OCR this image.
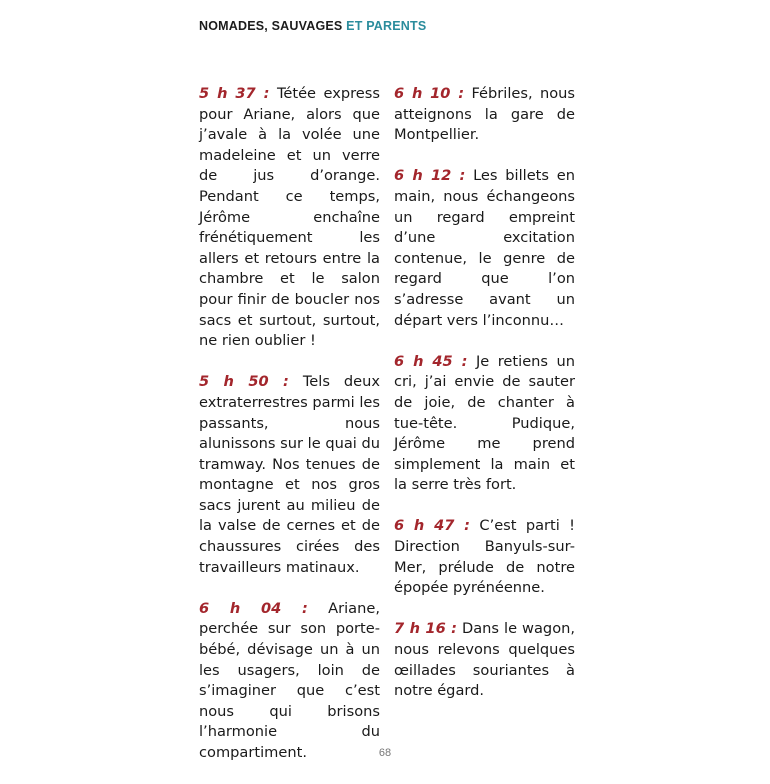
NOMADES, SAUVAGES ET PARENTS

5 h 37 : Tétée express pour Ariane, alors que j’avale à la volée une madeleine et un verre de jus d’orange. Pendant ce temps, Jérôme enchaîne frénétiquement les allers et retours entre la chambre et le salon pour finir de boucler nos sacs et surtout, surtout, ne rien oublier !

5 h 50 : Tels deux extraterrestres parmi les passants, nous alunissons sur le quai du tramway. Nos tenues de montagne et nos gros sacs jurent au milieu de la valse de cernes et de chaussures cirées des travailleurs matinaux.

6 h 04 : Ariane, perchée sur son porte-bébé, dévisage un à un les usagers, loin de s’imaginer que c’est nous qui brisons l’harmonie du compartiment.

6 h 10 : Fébriles, nous atteignons la gare de Montpellier.

6 h 12 : Les billets en main, nous échangeons un regard empreint d’une excitation contenue, le genre de regard que l’on s’adresse avant un départ vers l’inconnu…

6 h 45 : Je retiens un cri, j’ai envie de sauter de joie, de chanter à tue-tête. Pudique, Jérôme me prend simplement la main et la serre très fort.

6 h 47 : C’est parti ! Direction Banyuls-sur-Mer, prélude de notre épopée pyrénéenne.

7 h 16 : Dans le wagon, nous relevons quelques œillades souriantes à notre égard.

68
